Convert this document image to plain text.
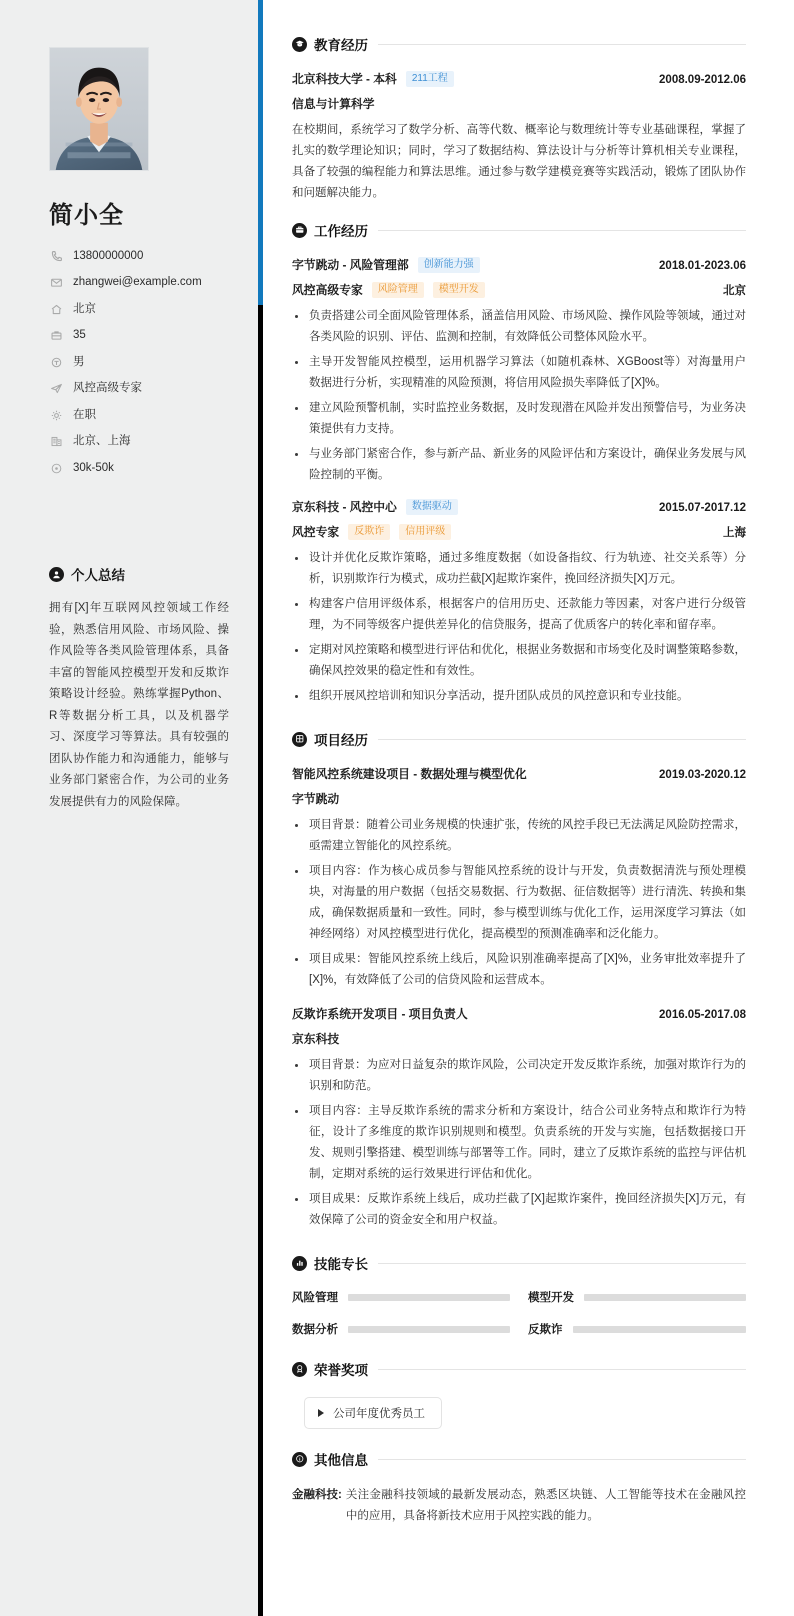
简小全
13800000000
zhangwei@example.com
北京
35
男
风控高级专家
在职
北京、上海
30k-50k
个人总结
拥有[X]年互联网风控领域工作经验，熟悉信用风险、市场风险、操作风险等各类风险管理体系，具备丰富的智能风控模型开发和反欺诈策略设计经验。熟练掌握Python、R等数据分析工具，以及机器学习、深度学习等算法。具有较强的团队协作能力和沟通能力，能够与业务部门紧密合作，为公司的业务发展提供有力的风险保障。
教育经历
北京科技大学 - 本科	211工程	2008.09-2012.06
信息与计算科学
在校期间，系统学习了数学分析、高等代数、概率论与数理统计等专业基础课程，掌握了扎实的数学理论知识；同时，学习了数据结构、算法设计与分析等计算机相关专业课程，具备了较强的编程能力和算法思维。通过参与数学建模竞赛等实践活动，锻炼了团队协作和问题解决能力。
工作经历
字节跳动 - 风险管理部	创新能力强	2018.01-2023.06
风控高级专家	风险管理	模型开发	北京
负责搭建公司全面风险管理体系，涵盖信用风险、市场风险、操作风险等领域，通过对各类风险的识别、评估、监测和控制，有效降低公司整体风险水平。
主导开发智能风控模型，运用机器学习算法（如随机森林、XGBoost等）对海量用户数据进行分析，实现精准的风险预测，将信用风险损失率降低了[X]%。
建立风险预警机制，实时监控业务数据，及时发现潜在风险并发出预警信号，为业务决策提供有力支持。
与业务部门紧密合作，参与新产品、新业务的风险评估和方案设计，确保业务发展与风险控制的平衡。
京东科技 - 风控中心	数据驱动	2015.07-2017.12
风控专家	反欺诈	信用评级	上海
设计并优化反欺诈策略，通过多维度数据（如设备指纹、行为轨迹、社交关系等）分析，识别欺诈行为模式，成功拦截[X]起欺诈案件，挽回经济损失[X]万元。
构建客户信用评级体系，根据客户的信用历史、还款能力等因素，对客户进行分级管理，为不同等级客户提供差异化的信贷服务，提高了优质客户的转化率和留存率。
定期对风控策略和模型进行评估和优化，根据业务数据和市场变化及时调整策略参数，确保风控效果的稳定性和有效性。
组织开展风控培训和知识分享活动，提升团队成员的风控意识和专业技能。
项目经历
智能风控系统建设项目 - 数据处理与模型优化	2019.03-2020.12
字节跳动
项目背景：随着公司业务规模的快速扩张，传统的风控手段已无法满足风险防控需求，亟需建立智能化的风控系统。
项目内容：作为核心成员参与智能风控系统的设计与开发，负责数据清洗与预处理模块，对海量的用户数据（包括交易数据、行为数据、征信数据等）进行清洗、转换和集成，确保数据质量和一致性。同时，参与模型训练与优化工作，运用深度学习算法（如神经网络）对风控模型进行优化，提高模型的预测准确率和泛化能力。
项目成果：智能风控系统上线后，风险识别准确率提高了[X]%，业务审批效率提升了[X]%，有效降低了公司的信贷风险和运营成本。
反欺诈系统开发项目 - 项目负责人	2016.05-2017.08
京东科技
项目背景：为应对日益复杂的欺诈风险，公司决定开发反欺诈系统，加强对欺诈行为的识别和防范。
项目内容：主导反欺诈系统的需求分析和方案设计，结合公司业务特点和欺诈行为特征，设计了多维度的欺诈识别规则和模型。负责系统的开发与实施，包括数据接口开发、规则引擎搭建、模型训练与部署等工作。同时，建立了反欺诈系统的监控与评估机制，定期对系统的运行效果进行评估和优化。
项目成果：反欺诈系统上线后，成功拦截了[X]起欺诈案件，挽回经济损失[X]万元，有效保障了公司的资金安全和用户权益。
技能专长
风险管理	模型开发
数据分析	反欺诈
荣誉奖项
公司年度优秀员工
其他信息
金融科技: 关注金融科技领域的最新发展动态，熟悉区块链、人工智能等技术在金融风控中的应用，具备将新技术应用于风控实践的能力。
